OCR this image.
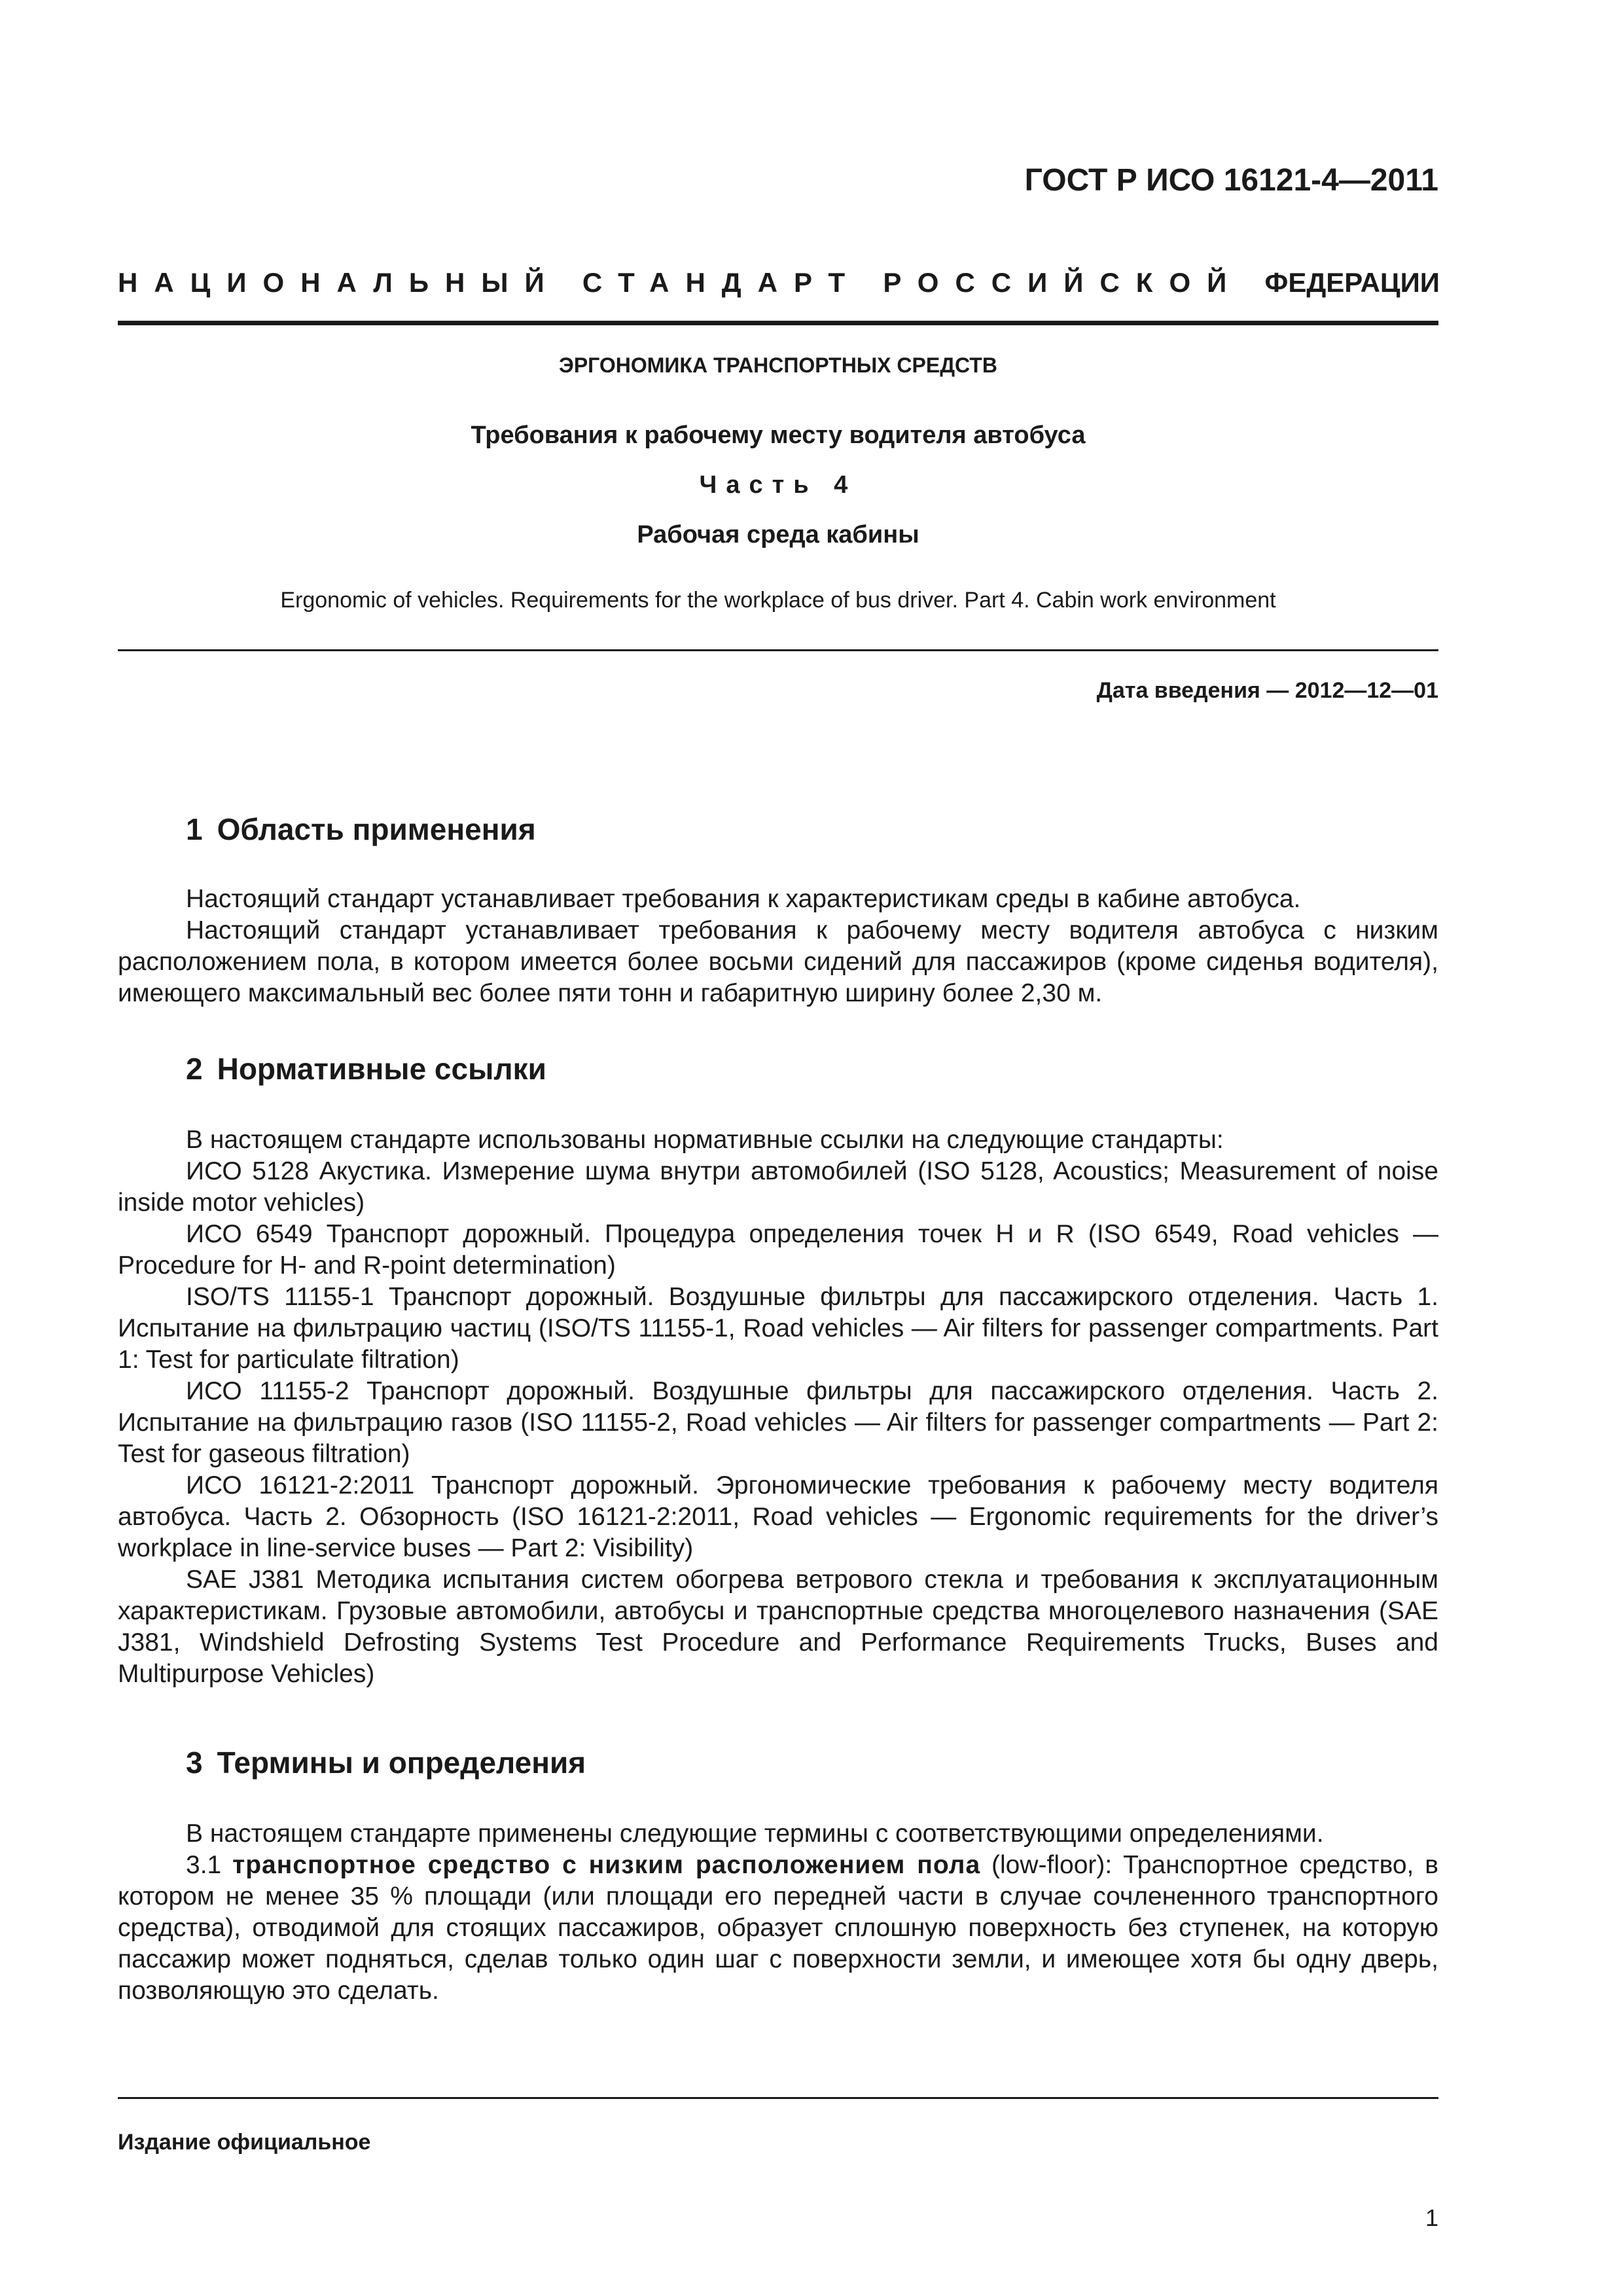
ГОСТ Р ИСО 16121-4—2011
НАЦИОНАЛЬНЫЙ СТАНДАРТ РОССИЙСКОЙ ФЕДЕРАЦИИ
ЭРГОНОМИКА ТРАНСПОРТНЫХ СРЕДСТВ
Требования к рабочему месту водителя автобуса
Часть 4
Рабочая среда кабины
Ergonomic of vehicles. Requirements for the workplace of bus driver. Part 4. Cabin work environment
Дата введения — 2012—12—01
1 Область применения

Настоящий стандарт устанавливает требования к характеристикам среды в кабине автобуса.

Настоящий стандарт устанавливает требования к рабочему месту водителя автобуса с низким расположением пола, в котором имеется более восьми сидений для пассажиров (кроме сиденья водителя), имеющего максимальный вес более пяти тонн и габаритную ширину более 2,30 м.

2 Нормативные ссылки

В настоящем стандарте использованы нормативные ссылки на следующие стандарты:

ИСО 5128 Акустика. Измерение шума внутри автомобилей (ISO 5128, Acoustics; Measurement of noise inside motor vehicles)

ИСО 6549 Транспорт дорожный. Процедура определения точек H и R (ISO 6549, Road vehicles — Procedure for H- and R-point determination)

ISO/TS 11155-1 Транспорт дорожный. Воздушные фильтры для пассажирского отделения. Часть 1. Испытание на фильтрацию частиц (ISO/TS 11155-1, Road vehicles — Air filters for passenger compartments. Part 1: Test for particulate filtration)

ИСО 11155-2 Транспорт дорожный. Воздушные фильтры для пассажирского отделения. Часть 2. Испытание на фильтрацию газов (ISO 11155-2, Road vehicles — Air filters for passenger compartments — Part 2: Test for gaseous filtration)

ИСО 16121-2:2011 Транспорт дорожный. Эргономические требования к рабочему месту водителя автобуса. Часть 2. Обзорность (ISO 16121-2:2011, Road vehicles — Ergonomic requirements for the driver’s workplace in line-service buses — Part 2: Visibility)

SAE J381 Методика испытания систем обогрева ветрового стекла и требования к эксплуатационным характеристикам. Грузовые автомобили, автобусы и транспортные средства многоцелевого назначения (SAE J381, Windshield Defrosting Systems Test Procedure and Performance Requirements Trucks, Buses and Multipurpose Vehicles)

3 Термины и определения

В настоящем стандарте применены следующие термины с соответствующими определениями.

3.1 транспортное средство с низким расположением пола (low-floor): Транспортное средство, в котором не менее 35 % площади (или площади его передней части в случае сочлененного транспортного средства), отводимой для стоящих пассажиров, образует сплошную поверхность без ступенек, на которую пассажир может подняться, сделав только один шаг с поверхности земли, и имеющее хотя бы одну дверь, позволяющую это сделать.

Издание официальное
1
